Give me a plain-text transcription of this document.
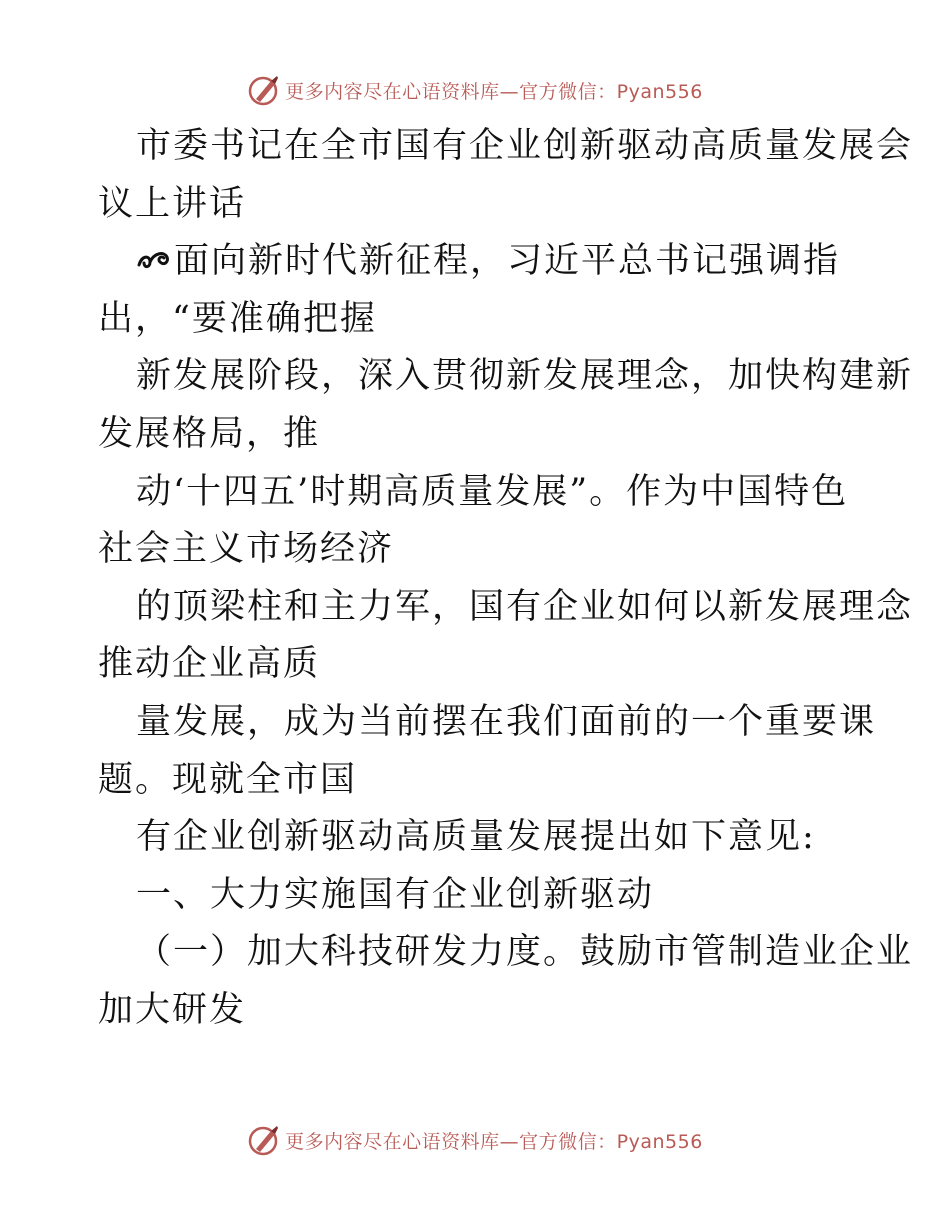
更多内容尽在心语资料库—官方微信：Pyan556
市委书记在全市国有企业创新驱动高质量发展会
议上讲话
面向新时代新征程，习近平总书记强调指
出，“要准确把握
新发展阶段，深入贯彻新发展理念，加快构建新
发展格局，推
动‘十四五’时期高质量发展”。作为中国特色
社会主义市场经济
的顶梁柱和主力军，国有企业如何以新发展理念
推动企业高质
量发展，成为当前摆在我们面前的一个重要课
题。现就全市国
有企业创新驱动高质量发展提出如下意见:
一、大力实施国有企业创新驱动
（一）加大科技研发力度。鼓励市管制造业企业
加大研发
更多内容尽在心语资料库—官方微信：Pyan556
